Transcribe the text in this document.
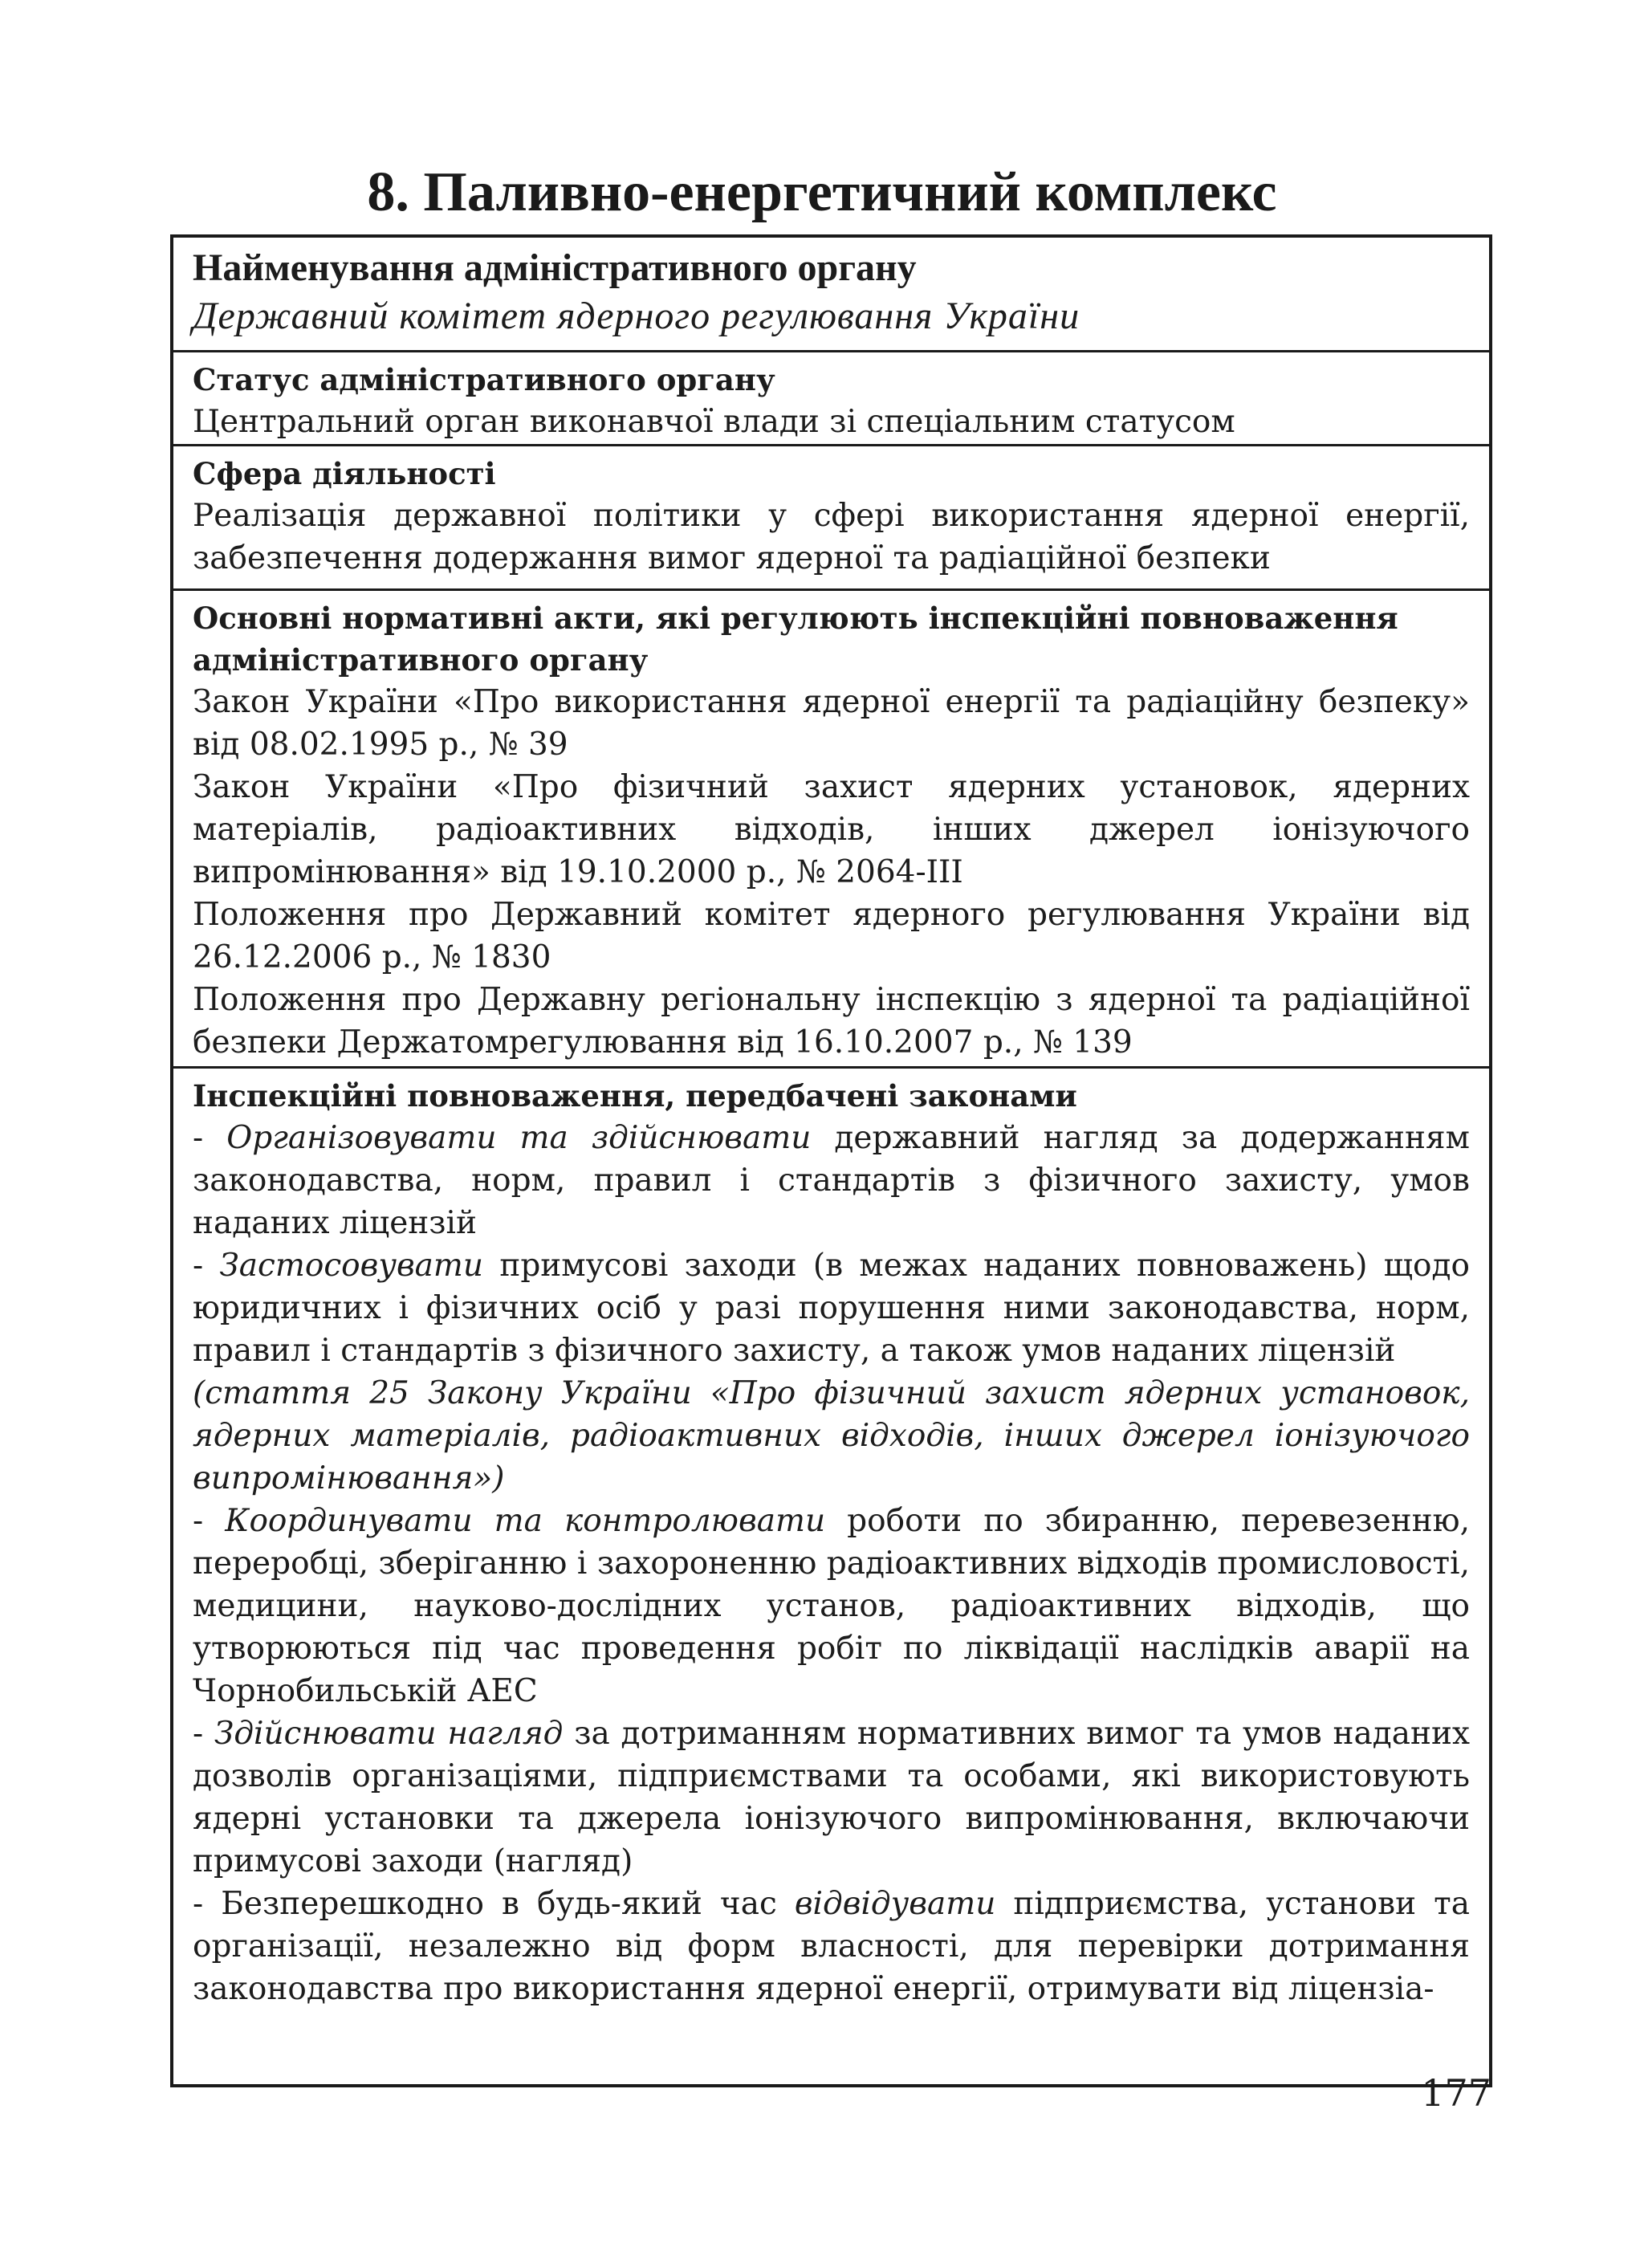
8. Паливно-енергетичний комплекс
Найменування адміністративного органу
Державний комітет ядерного регулювання України
Статус адміністративного органу

Центральний орган виконавчої влади зі спеціальним статусом

Сфера діяльності

Реалізація державної політики у сфері використання ядерної енергії, забезпечення додержання вимог ядерної та радіаційної безпеки

Основні нормативні акти, які регулюють інспекційні повноваження адміністративного органу

Закон України «Про використання ядерної енергії та радіаційну безпеку» від 08.02.1995 р., № 39

Закон України «Про фізичний захист ядерних установок, ядерних матеріалів, радіоактивних відходів, інших джерел іонізуючого випромінювання» від 19.10.2000 р., № 2064-III

Положення про Державний комітет ядерного регулювання України від 26.12.2006 р., № 1830

Положення про Державну регіональну інспекцію з ядерної та радіаційної безпеки Держатомрегулювання від 16.10.2007 р., № 139

Інспекційні повноваження, передбачені законами

- Організовувати та здійснювати державний нагляд за додержанням законодавства, норм, правил і стандартів з фізичного захисту, умов наданих ліцензій

- Застосовувати примусові заходи (в межах наданих повноважень) щодо юридичних і фізичних осіб у разі порушення ними законодавства, норм, правил і стандартів з фізичного захисту, а також умов наданих ліцензій

(стаття 25 Закону України «Про фізичний захист ядерних установок, ядерних матеріалів, радіоактивних відходів, інших джерел іонізуючого випромінювання»)

- Координувати та контролювати роботи по збиранню, перевезенню, переробці, зберіганню і захороненню радіоактивних відходів промисловості, медицини, науково-дослідних установ, радіоактивних відходів, що утворюються під час проведення робіт по ліквідації наслідків аварії на Чорнобильській АЕС

- Здійснювати нагляд за дотриманням нормативних вимог та умов наданих дозволів організаціями, підприємствами та особами, які використовують ядерні установки та джерела іонізуючого випромінювання, включаючи примусові заходи (нагляд)

- Безперешкодно в будь-який час відвідувати підприємства, установи та організації, незалежно від форм власності, для перевірки дотримання законодавства про використання ядерної енергії, отримувати від ліцензіа-

177
